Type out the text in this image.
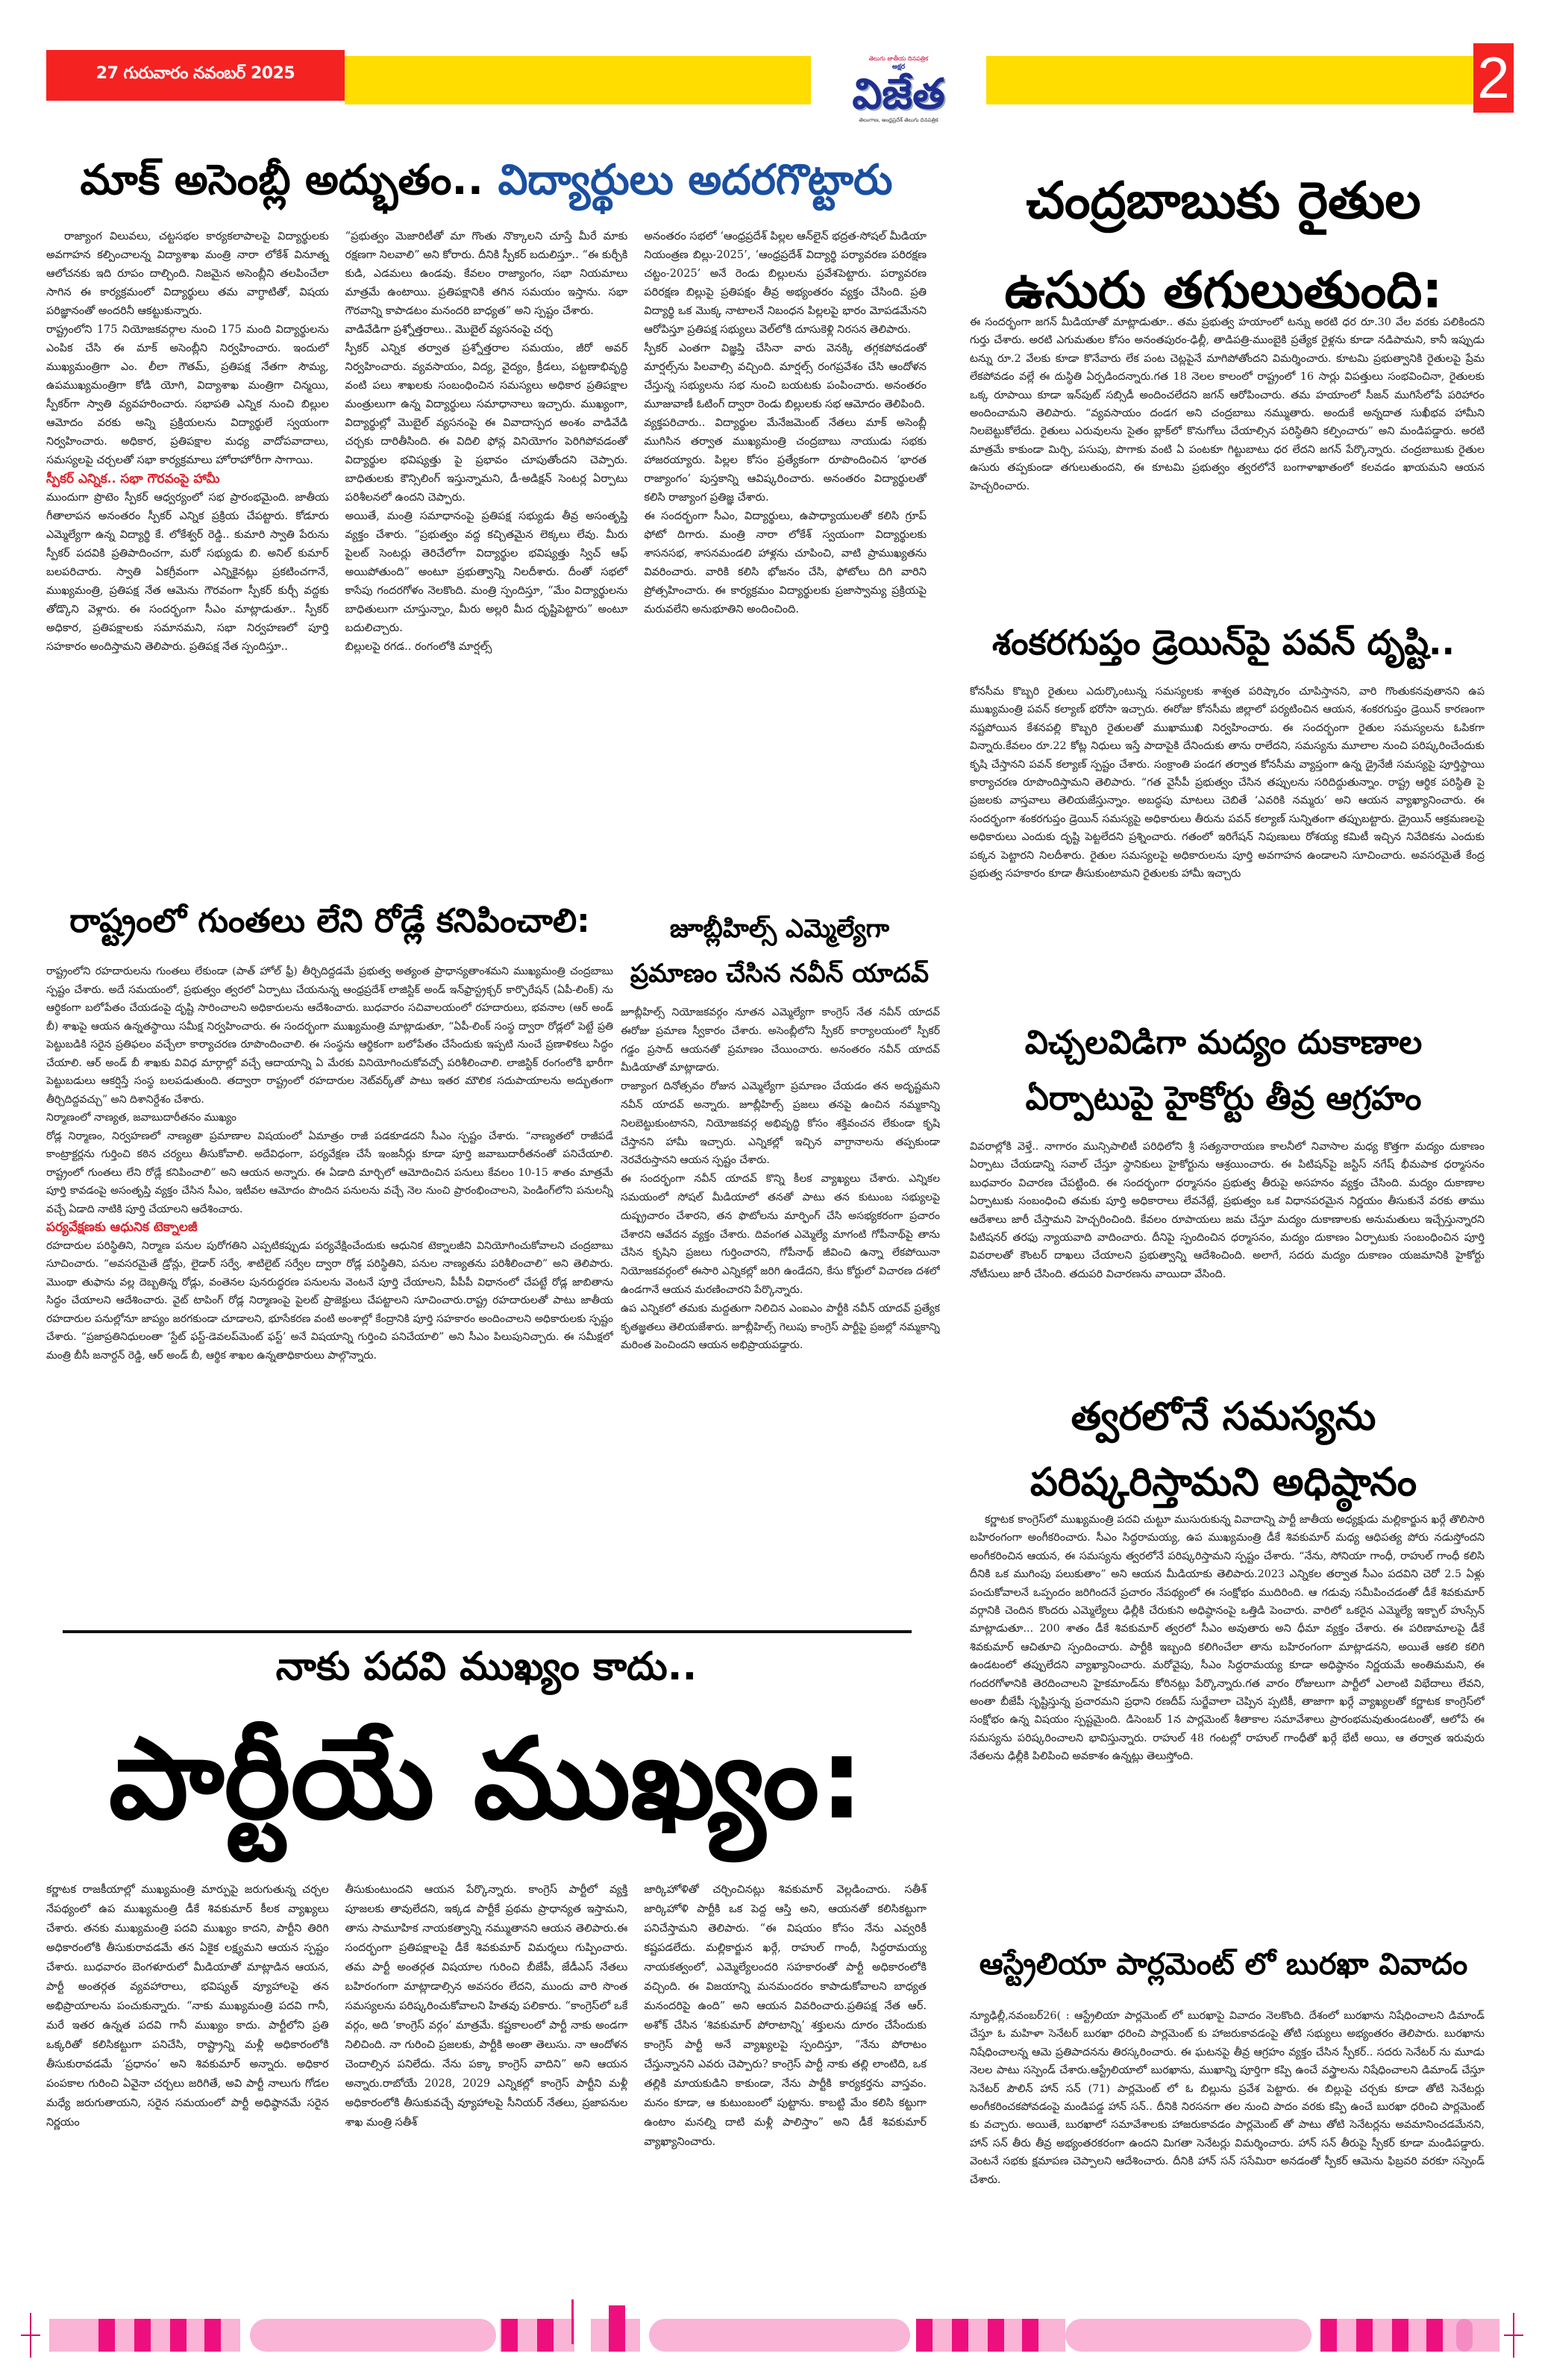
27 గురువారం నవంబర్ 2025
తెలుగు జాతీయ దినపత్రిక
అక్షర
విజేత
తెలంగాణ, ఆంధ్రప్రదేశ్ తెలుగు దినపత్రిక
2
మాక్ అసెంబ్లీ అద్భుతం.. విద్యార్థులు అదరగొట్టారు

రాజ్యాంగ విలువలు, చట్టసభల కార్యకలాపాలపై విద్యార్థులకు అవగాహన కల్పించాలన్న విద్యాశాఖ మంత్రి నారా లోకేశ్ వినూత్న ఆలోచనకు ఇది రూపం దాల్చింది. నిజమైన అసెంబ్లీని తలపించేలా సాగిన ఈ కార్యక్రమంలో విద్యార్థులు తమ వాగ్ధాటితో, విషయ పరిజ్ఞానంతో అందరినీ ఆకట్టుకున్నారు.

రాష్ట్రంలోని 175 నియోజకవర్గాల నుంచి 175 మంది విద్యార్థులను ఎంపిక చేసి ఈ మాక్ అసెంబ్లీని నిర్వహించారు. ఇందులో ముఖ్యమంత్రిగా ఎం. లీలా గౌతమ్, ప్రతిపక్ష నేతగా సౌమ్య, ఉపముఖ్యమంత్రిగా కోడి యోగి, విద్యాశాఖ మంత్రిగా చిన్మయి, స్పీకర్‌గా స్వాతి వ్యవహరించారు. సభాపతి ఎన్నిక నుంచి బిల్లుల ఆమోదం వరకు అన్ని ప్రక్రియలను విద్యార్థులే స్వయంగా నిర్వహించారు. అధికార, ప్రతిపక్షాల మధ్య వాదోపవాదాలు, సమస్యలపై చర్చలతో సభా కార్యక్రమాలు హోరాహోరీగా సాగాయి.

స్పీకర్ ఎన్నిక.. సభా గౌరవంపై హామీ

ముందుగా ప్రొటెం స్పీకర్ ఆధ్వర్యంలో సభ ప్రారంభమైంది. జాతీయ గీతాలాపన అనంతరం స్పీకర్ ఎన్నిక ప్రక్రియ చేపట్టారు. కోడూరు ఎమ్మెల్యేగా ఉన్న విద్యార్థి కే. లోకేశ్వర్ రెడ్డి.. కుమారి స్వాతి పేరును స్పీకర్ పదవికి ప్రతిపాదించగా, మరో సభ్యుడు బి. అనిల్ కుమార్ బలపరిచారు. స్వాతి ఏకగ్రీవంగా ఎన్నికైనట్లు ప్రకటించగానే, ముఖ్యమంత్రి, ప్రతిపక్ష నేత ఆమెను గౌరవంగా స్పీకర్ కుర్చీ వద్దకు తోడ్కొని వెళ్లారు. ఈ సందర్భంగా సీఎం మాట్లాడుతూ.. స్పీకర్ అధికార, ప్రతిపక్షాలకు సమానమని, సభా నిర్వహణలో పూర్తి సహకారం అందిస్తామని తెలిపారు. ప్రతిపక్ష నేత స్పందిస్తూ..

“ప్రభుత్వం మెజారిటీతో మా గొంతు నొక్కాలని చూస్తే మీరే మాకు రక్షణగా నిలవాలి” అని కోరారు. దీనికి స్పీకర్ బదులిస్తూ.. “ఈ కుర్చీకి కుడి, ఎడమలు ఉండవు. కేవలం రాజ్యాంగం, సభా నియమాలు మాత్రమే ఉంటాయి. ప్రతిపక్షానికి తగిన సమయం ఇస్తాను. సభా గౌరవాన్ని కాపాడటం మనందరి బాధ్యత” అని స్పష్టం చేశారు.

వాడివేడిగా ప్రశ్నోత్తరాలు.. మొబైల్ వ్యసనంపై చర్చ

స్పీకర్ ఎన్నిక తర్వాత ప్రశ్నోత్తరాల సమయం, జీరో అవర్ నిర్వహించారు. వ్యవసాయం, విద్య, వైద్యం, క్రీడలు, పట్టణాభివృద్ధి వంటి పలు శాఖలకు సంబంధించిన సమస్యలు అధికార ప్రతిపక్షాల మంత్రులుగా ఉన్న విద్యార్థులు సమాధానాలు ఇచ్చారు. ముఖ్యంగా, విద్యార్థుల్లో మొబైల్ వ్యసనంపై ఈ వివాదాస్పద అంశం వాడివేడి చర్చకు దారితీసింది. ఈ విదిలి ఫోన్ల వినియోగం పెరిగిపోవడంతో విద్యార్థుల భవిష్యత్తు పై ప్రభావం చూపుతోందని చెప్పారు. బాధితులకు కౌన్సిలింగ్ ఇస్తున్నామని, డీ-అడిక్షన్ సెంటర్ల ఏర్పాటు పరిశీలనలో ఉందని చెప్పారు.

అయితే, మంత్రి సమాధానంపై ప్రతిపక్ష సభ్యుడు తీవ్ర అసంతృప్తి వ్యక్తం చేశారు. “ప్రభుత్వం వద్ద కచ్చితమైన లెక్కలు లేవు. మీరు పైలట్ సెంటర్లు తెరిచేలోగా విద్యార్థుల భవిష్యత్తు స్విచ్ ఆఫ్ అయిపోతుంది” అంటూ ప్రభుత్వాన్ని నిలదీశారు. దీంతో సభలో కాసేపు గందరగోళం నెలకొంది. మంత్రి స్పందిస్తూ, “మేం విద్యార్థులను బాధితులుగా చూస్తున్నాం, మీరు అల్లరి మీద దృష్టిపెట్టారు” అంటూ బదులిచ్చారు.

బిల్లులపై రగడ.. రంగంలోకి మార్షల్స్

అనంతరం సభలో ‘ఆంధ్రప్రదేశ్ పిల్లల ఆన్‌లైన్ భద్రత-సోషల్ మీడియా నియంత్రణ బిల్లు-2025’, ‘ఆంధ్రప్రదేశ్ విద్యార్థి పర్యావరణ పరిరక్షణ చట్టం-2025’ అనే రెండు బిల్లులను ప్రవేశపెట్టారు. పర్యావరణ పరిరక్షణ బిల్లుపై ప్రతిపక్షం తీవ్ర అభ్యంతరం వ్యక్తం చేసింది. ప్రతి విద్యార్థి ఒక మొక్క నాటాలనే నిబంధన పిల్లలపై భారం మోపడమేనని ఆరోపిస్తూ ప్రతిపక్ష సభ్యులు వెల్‌లోకి దూసుకెళ్లి నిరసన తెలిపారు.

స్పీకర్ ఎంతగా విజ్ఞప్తి చేసినా వారు వెనక్కి తగ్గకపోవడంతో మార్షల్స్‌ను పిలవాల్సి వచ్చింది. మార్షల్స్ రంగప్రవేశం చేసి ఆందోళన చేస్తున్న సభ్యులను సభ నుంచి బయటకు పంపించారు. అనంతరం మూజువాణీ ఓటింగ్ ద్వారా రెండు బిల్లులకు సభ ఆమోదం తెలిపింది.

వ్యక్తపరిచారు.. విద్యార్థుల మేనేజమెంట్ నేతలు మాక్ అసెంబ్లీ ముగిసిన తర్వాత ముఖ్యమంత్రి చంద్రబాబు నాయుడు సభకు హాజరయ్యారు. పిల్లల కోసం ప్రత్యేకంగా రూపొందించిన ‘భారత రాజ్యాంగం’ పుస్తకాన్ని ఆవిష్కరించారు. అనంతరం విద్యార్థులతో కలిసి రాజ్యాంగ ప్రతిజ్ఞ చేశారు.

ఈ సందర్భంగా సీఎం, విద్యార్థులు, ఉపాధ్యాయులతో కలిసి గ్రూప్ ఫోటో దిగారు. మంత్రి నారా లోకేశ్ స్వయంగా విద్యార్థులకు శాసనసభ, శాసనమండలి హాళ్లను చూపించి, వాటి ప్రాముఖ్యతను వివరించారు. వారికి కలిసి భోజనం చేసి, ఫోటోలు దిగి వారిని ప్రోత్సహించారు. ఈ కార్యక్రమం విద్యార్థులకు ప్రజాస్వామ్య ప్రక్రియపై మరువలేని అనుభూతిని అందించింది.

రాష్ట్రంలో గుంతలు లేని రోడ్లే కనిపించాలి:

రాష్ట్రంలోని రహదారులను గుంతలు లేకుండా (పాత్ హోల్ ఫ్రీ) తీర్చిదిద్దడమే ప్రభుత్వ అత్యంత ప్రాధాన్యతాంశమని ముఖ్యమంత్రి చంద్రబాబు స్పష్టం చేశారు. అదే సమయంలో, ప్రభుత్వం త్వరలో ఏర్పాటు చేయనున్న ఆంధ్రప్రదేశ్ లాజిస్టిక్ అండ్ ఇన్‌ఫ్రాస్ట్రక్చర్ కార్పొరేషన్ (ఏపీ-లింక్) ను ఆర్థికంగా బలోపేతం చేయడంపై దృష్టి సారించాలని అధికారులను ఆదేశించారు. బుధవారం సచివాలయంలో రహదారులు, భవనాల (ఆర్ అండ్ బీ) శాఖపై ఆయన ఉన్నతస్థాయి సమీక్ష నిర్వహించారు. ఈ సందర్భంగా ముఖ్యమంత్రి మాట్లాడుతూ, “ఏపీ-లింక్ సంస్థ ద్వారా రోడ్లలో పెట్టే ప్రతి పెట్టుబడికి సరైన ప్రతిఫలం వచ్చేలా కార్యాచరణ రూపొందించాలి. ఈ సంస్థను ఆర్థికంగా బలోపేతం చేసేందుకు ఇప్పటి నుంచే ప్రణాళికలు సిద్ధం చేయాలి. ఆర్ అండ్ బీ శాఖకు వివిధ మార్గాల్లో వచ్చే ఆదాయాన్ని ఏ మేరకు వినియోగించుకోవచ్చో పరిశీలించాలి. లాజిస్టిక్ రంగంలోకి భారీగా పెట్టుబడులు ఆకర్షిస్తే సంస్థ బలపడుతుంది. తద్వారా రాష్ట్రంలో రహదారుల నెట్‌వర్క్‌తో పాటు ఇతర మౌలిక సదుపాయాలను అద్భుతంగా తీర్చిదిద్దవచ్చు” అని దిశానిర్దేశం చేశారు.

నిర్మాణంలో నాణ్యత, జవాబుదారీతనం ముఖ్యం

రోడ్ల నిర్మాణం, నిర్వహణలో నాణ్యతా ప్రమాణాల విషయంలో ఏమాత్రం రాజీ పడకూడదని సీఎం స్పష్టం చేశారు. “నాణ్యతలో రాజీపడే కాంట్రాక్టర్లను గుర్తించి కఠిన చర్యలు తీసుకోవాలి. అదేవిధంగా, పర్యవేక్షణ చేసే ఇంజనీర్లు కూడా పూర్తి జవాబుదారీతనంతో పనిచేయాలి. రాష్ట్రంలో గుంతలు లేని రోడ్లే కనిపించాలి” అని ఆయన అన్నారు. ఈ ఏడాది మార్చిలో ఆమోదించిన పనులు కేవలం 10-15 శాతం మాత్రమే పూర్తి కావడంపై అసంతృప్తి వ్యక్తం చేసిన సీఎం, ఇటీవల ఆమోదం పొందిన పనులను వచ్చే నెల నుంచి ప్రారంభించాలని, పెండింగ్‌లోని పనులన్నీ వచ్చే ఏడాది నాటికి పూర్తి చేయాలని ఆదేశించారు.

పర్యవేక్షణకు ఆధునిక టెక్నాలజీ

రహదారుల పరిస్థితిని, నిర్మాణ పనుల పురోగతిని ఎప్పటికప్పుడు పర్యవేక్షించేందుకు ఆధునిక టెక్నాలజీని వినియోగించుకోవాలని చంద్రబాబు సూచించారు. “అవసరమైతే డ్రోన్లు, లైడార్ సర్వే, శాటిలైట్ సర్వేల ద్వారా రోడ్ల పరిస్థితిని, పనుల నాణ్యతను పరిశీలించాలి” అని తెలిపారు. మొంథా తుఫాను వల్ల దెబ్బతిన్న రోడ్లు, వంతెనల పునరుద్ధరణ పనులను వెంటనే పూర్తి చేయాలని, పీపీపీ విధానంలో చేపట్టే రోడ్ల జాబితాను సిద్ధం చేయాలని ఆదేశించారు. వైట్ టాపింగ్ రోడ్ల నిర్మాణంపై పైలట్ ప్రాజెక్టులు చేపట్టాలని సూచించారు.రాష్ట్ర రహదారులతో పాటు జాతీయ రహదారుల పనుల్లోనూ జాప్యం జరగకుండా చూడాలని, భూసేకరణ వంటి అంశాల్లో కేంద్రానికి పూర్తి సహకారం అందించాలని అధికారులకు స్పష్టం చేశారు. “ప్రజాప్రతినిధులంతా ‘స్టేట్ ఫస్ట్-డెవలప్‌మెంట్ ఫస్ట్’ అనే విషయాన్ని గుర్తించి పనిచేయాలి” అని సీఎం పిలుపునిచ్చారు. ఈ సమీక్షలో మంత్రి బీసీ జనార్దన్ రెడ్డి, ఆర్ అండ్ బీ, ఆర్థిక శాఖల ఉన్నతాధికారులు పాల్గొన్నారు.

జూబ్లీహిల్స్ ఎమ్మెల్యేగా
ప్రమాణం చేసిన నవీన్ యాదవ్

జూబ్లీహిల్స్ నియోజకవర్గం నూతన ఎమ్మెల్యేగా కాంగ్రెస్ నేత నవీన్ యాదవ్ ఈరోజు ప్రమాణ స్వీకారం చేశారు. అసెంబ్లీలోని స్పీకర్ కార్యాలయంలో స్పీకర్ గడ్డం ప్రసాద్ ఆయనతో ప్రమాణం చేయించారు. అనంతరం నవీన్ యాదవ్ మీడియాతో మాట్లాడారు.

రాజ్యాంగ దినోత్సవం రోజున ఎమ్మెల్యేగా ప్రమాణం చేయడం తన అదృష్టమని నవీన్ యాదవ్ అన్నారు. జూబ్లీహిల్స్ ప్రజలు తనపై ఉంచిన నమ్మకాన్ని నిలబెట్టుకుంటానని, నియోజకవర్గ అభివృద్ధి కోసం శక్తివంచన లేకుండా కృషి చేస్తానని హామీ ఇచ్చారు. ఎన్నికల్లో ఇచ్చిన వాగ్దానాలను తప్పకుండా నెరవేరుస్తానని ఆయన స్పష్టం చేశారు.

ఈ సందర్భంగా నవీన్ యాదవ్ కొన్ని కీలక వ్యాఖ్యలు చేశారు. ఎన్నికల సమయంలో సోషల్ మీడియాలో తనతో పాటు తన కుటుంబ సభ్యులపై దుష్ప్రచారం చేశారని, తన ఫొటోలను మార్ఫింగ్ చేసి అసభ్యకరంగా ప్రచారం చేశారని ఆవేదన వ్యక్తం చేశారు. దివంగత ఎమ్మెల్యే మాగంటి గోపీనాథ్‌పై తాను చేసిన కృషిని ప్రజలు గుర్తించారని, గోపీనాథ్ జీవించి ఉన్నా లేకపోయినా నియోజకవర్గంలో ఈసారి ఎన్నికల్లో జరిగి ఉండేదని, కేసు కోర్టులో విచారణ దశలో ఉండగానే ఆయన మరణించారని పేర్కొన్నారు.

ఉప ఎన్నికలో తమకు మద్దతుగా నిలిచిన ఎంఐఎం పార్టీకి నవీన్ యాదవ్ ప్రత్యేక కృతజ్ఞతలు తెలియజేశారు. జూబ్లీహిల్స్ గెలుపు కాంగ్రెస్ పార్టీపై ప్రజల్లో నమ్మకాన్ని మరింత పెంచిందని ఆయన అభిప్రాయపడ్డారు.

నాకు పదవి ముఖ్యం కాదు..
పార్టీయే ముఖ్యం:

కర్ణాటక రాజకీయాల్లో ముఖ్యమంత్రి మార్పుపై జరుగుతున్న చర్చల నేపథ్యంలో ఉప ముఖ్యమంత్రి డీకే శివకుమార్ కీలక వ్యాఖ్యలు చేశారు. తనకు ముఖ్యమంత్రి పదవి ముఖ్యం కాదని, పార్టీని తిరిగి అధికారంలోకి తీసుకురావడమే తన ఏకైక లక్ష్యమని ఆయన స్పష్టం చేశారు. బుధవారం బెంగళూరులో మీడియాతో మాట్లాడిన ఆయన, పార్టీ అంతర్గత వ్యవహారాలు, భవిష్యత్ వ్యూహాలపై తన అభిప్రాయాలను పంచుకున్నారు. “నాకు ముఖ్యమంత్రి పదవి గానీ, మరే ఇతర ఉన్నత పదవి గానీ ముఖ్యం కాదు. పార్టీలోని ప్రతి ఒక్కరితో కలిసికట్టుగా పనిచేసి, రాష్ట్రాన్ని మళ్లీ అధికారంలోకి తీసుకురావడమే ‘ప్రధానం’ అని శివకుమార్ అన్నారు. అధికార పంపకాల గురించి ఏవైనా చర్చలు జరిగితే, అవి పార్టీ నాలుగు గోడల మధ్యే జరుగుతాయని, సరైన సమయంలో పార్టీ అధిష్ఠానమే సరైన నిర్ణయం

తీసుకుంటుందని ఆయన పేర్కొన్నారు. కాంగ్రెస్ పార్టీలో వ్యక్తి పూజలకు తావులేదని, ఇక్కడ పార్టీకే ప్రథమ ప్రాధాన్యత ఇస్తామని, తాను సామూహిక నాయకత్వాన్ని నమ్ముతానని ఆయన తెలిపారు.ఈ సందర్భంగా ప్రతిపక్షాలపై డీకే శివకుమార్ విమర్శలు గుప్పించారు. తమ పార్టీ అంతర్గత విషయాల గురించి బీజేపీ, జేడీఎస్ నేతలు బహిరంగంగా మాట్లాడాల్సిన అవసరం లేదని, ముందు వారి సొంత సమస్యలను పరిష్కరించుకోవాలని హితవు పలికారు. “కాంగ్రెస్‌లో ఒకే వర్గం, అది ‘కాంగ్రెస్ వర్గం’ మాత్రమే. కష్టకాలంలో పార్టీ నాకు అండగా నిలిచింది. నా గురించి ప్రజలకు, పార్టీకి అంతా తెలుసు. నా ఆందోళన చెందాల్సిన పనిలేదు. నేను పక్కా కాంగ్రెస్ వాదిని” అని ఆయన అన్నారు.రాబోయే 2028, 2029 ఎన్నికల్లో కాంగ్రెస్ పార్టీని మళ్లీ అధికారంలోకి తీసుకువచ్చే వ్యూహాలపై సీనియర్ నేతలు, ప్రజాపనుల శాఖ మంత్రి సతీశ్

జార్కిహోళితో చర్చించినట్లు శివకుమార్ వెల్లడించారు. సతీశ్ జార్కిహోళి పార్టీకి ఒక పెద్ద ఆస్తి అని, ఆయనతో కలిసికట్టుగా పనిచేస్తామని తెలిపారు. “ఈ విషయం కోసం నేను ఎవ్వరికీ కష్టపడలేదు. మల్లికార్జున ఖర్గే, రాహుల్ గాంధీ, సిద్ధరామయ్య నాయకత్వంలో, ఎమ్మెల్యేలందరి సహకారంతో పార్టీ అధికారంలోకి వచ్చింది. ఈ విజయాన్ని మనమందరం కాపాడుకోవాలని బాధ్యత మనందరిపై ఉంది” అని ఆయన వివరించారు.ప్రతిపక్ష నేత ఆర్. అశోక్ చేసిన ‘శివకుమార్ పోరాటాన్ని’ శక్తులను దూరం చేసేందుకు కాంగ్రెస్ పార్టీ అనే వ్యాఖ్యలపై స్పందిస్తూ, “నేను పోరాటం చేస్తున్నానని ఎవరు చెప్పారు? కాంగ్రెస్ పార్టీ నాకు తల్లి లాంటిది, ఒక తల్లికి మాయకుడిని కాకుండా, నేను పార్టీకి కార్యకర్తను వాస్తవం. మనం కూడా, ఆ కుటుంబంలో పుట్టాను. కాబట్టి మేం కలిసి కట్టుగా ఉంటాం మనల్ని దాటి మళ్లీ పాలిస్తాం” అని డీకే శివకుమార్ వ్యాఖ్యానించారు.

చంద్రబాబుకు రైతుల
ఉసురు తగులుతుంది:

ఈ సందర్భంగా జగన్ మీడియాతో మాట్లాడుతూ.. తమ ప్రభుత్వ హయాంలో టన్ను అరటి ధర రూ.30 వేల వరకు పలికిందని గుర్తు చేశారు. అరటి ఎగుమతుల కోసం అనంతపురం-ఢిల్లీ, తాడిపత్రి-ముంబైకి ప్రత్యేక రైళ్లను కూడా నడిపామని, కానీ ఇప్పుడు టన్ను రూ.2 వేలకు కూడా కొనేవారు లేక పంట చెట్లపైనే మాగిపోతోందని విమర్శించారు. కూటమి ప్రభుత్వానికి రైతులపై ప్రేమ లేకపోవడం వల్లే ఈ దుస్థితి ఏర్పడిందన్నారు.గత 18 నెలల కాలంలో రాష్ట్రంలో 16 సార్లు విపత్తులు సంభవించినా, రైతులకు ఒక్క రూపాయి కూడా ఇన్‌పుట్ సబ్సిడీ అందించలేదని జగన్ ఆరోపించారు. తమ హయాంలో సీజన్ ముగిసేలోపే పరిహారం అందించామని తెలిపారు. “వ్యవసాయం దండగ అని చంద్రబాబు నమ్ముతారు. అందుకే అన్నదాత సుఖీభవ హామీని నిలబెట్టుకోలేదు. రైతులు ఎరువులను సైతం బ్లాక్‌లో కొనుగోలు చేయాల్సిన పరిస్థితిని కల్పించారు” అని మండిపడ్డారు. అరటి మాత్రమే కాకుండా మిర్చి, పసుపు, పొగాకు వంటి ఏ పంటకూ గిట్టుబాటు ధర లేదని జగన్ పేర్కొన్నారు. చంద్రబాబుకు రైతుల ఉసురు తప్పకుండా తగులుతుందని, ఈ కూటమి ప్రభుత్వం త్వరలోనే బంగాళాఖాతంలో కలవడం ఖాయమని ఆయన హెచ్చరించారు.

శంకరగుప్తం డ్రెయిన్‌పై పవన్ దృష్టి..

కోనసీమ కొబ్బరి రైతులు ఎదుర్కొంటున్న సమస్యలకు శాశ్వత పరిష్కారం చూపిస్తానని, వారి గొంతుకనవుతానని ఉప ముఖ్యమంత్రి పవన్ కల్యాణ్ భరోసా ఇచ్చారు. ఈరోజు కోనసీమ జిల్లాలో పర్యటించిన ఆయన, శంకరగుప్తం డ్రెయిన్ కారణంగా నష్టపోయిన కేశనపల్లి కొబ్బరి రైతులతో ముఖాముఖి నిర్వహించారు. ఈ సందర్భంగా రైతుల సమస్యలను ఓపికగా విన్నారు.కేవలం రూ.22 కోట్ల నిధులు ఇస్తే పాదాపైకి దేనిందుకు తాను రాలేదని, సమస్యను మూలాల నుంచి పరిష్కరించేందుకు కృషి చేస్తానని పవన్ కల్యాణ్ స్పష్టం చేశారు. సంక్రాంతి పండగ తర్వాత కోనసీమ వ్యాప్తంగా ఉన్న డ్రైనేజీ సమస్యపై పూర్తిస్థాయి కార్యాచరణ రూపొందిస్తామని తెలిపారు. “గత వైసీపీ ప్రభుత్వం చేసిన తప్పులను సరిదిద్దుతున్నాం. రాష్ట్ర ఆర్థిక పరిస్థితి పై ప్రజలకు వాస్తవాలు తెలియజేస్తున్నాం. అబద్ధపు మాటలు చెబితే ‘ఎవరికి నమ్మరు’ అని ఆయన వ్యాఖ్యానించారు. ఈ సందర్భంగా శంకరగుప్తం డ్రెయిన్ సమస్యపై అధికారులు తీరును పవన్ కల్యాణ్ సున్నితంగా తప్పుబట్టారు. డ్రైయిన్ ఆక్రమణలపై అధికారులు ఎందుకు దృష్టి పెట్టలేదని ప్రశ్నించారు. గతంలో ఇరిగేషన్ నిపుణులు రోశయ్య కమిటీ ఇచ్చిన నివేదికను ఎందుకు పక్కన పెట్టారని నిలదీశారు. రైతుల సమస్యలపై అధికారులను పూర్తి అవగాహన ఉండాలని సూచించారు. అవసరమైతే కేంద్ర ప్రభుత్వ సహకారం కూడా తీసుకుంటామని రైతులకు హామీ ఇచ్చారు

విచ్చలవిడిగా మద్యం దుకాణాల
ఏర్పాటుపై హైకోర్టు తీవ్ర ఆగ్రహం

వివరాల్లోకి వెళ్తే.. నాగారం మున్సిపాలిటీ పరిధిలోని శ్రీ సత్యనారాయణ కాలనీలో నివాసాల మధ్య కొత్తగా మద్యం దుకాణం ఏర్పాటు చేయడాన్ని సవాల్ చేస్తూ స్థానికులు హైకోర్టును ఆశ్రయించారు. ఈ పిటిషన్‌పై జస్టిస్ నగేష్ భీమపాక ధర్మాసనం బుధవారం విచారణ చేపట్టింది. ఈ సందర్భంగా ధర్మాసనం ప్రభుత్వ తీరుపై అసహనం వ్యక్తం చేసింది. మద్యం దుకాణాల ఏర్పాటుకు సంబంధించి తమకు పూర్తి అధికారాలు లేవనేట్లే, ప్రభుత్వం ఒక విధానపరమైన నిర్ణయం తీసుకునే వరకు తాము ఆదేశాలు జారీ చేస్తామని హెచ్చరించింది. కేవలం రూపాయలు జమ చేస్తూ మద్యం దుకాణాలకు అనుమతులు ఇచ్చేస్తున్నారని పిటిషనర్ తరఫు న్యాయవాది వాదించారు. దీనిపై స్పందించిన ధర్మాసనం, మద్యం దుకాణం ఏర్పాటుకు సంబంధించిన పూర్తి వివరాలతో కౌంటర్ దాఖలు చేయాలని ప్రభుత్వాన్ని ఆదేశించింది. అలాగే, సదరు మద్యం దుకాణం యజమానికి హైకోర్టు నోటీసులు జారీ చేసింది. తదుపరి విచారణను వాయిదా వేసింది.

త్వరలోనే సమస్యను
పరిష్కరిస్తామని అధిష్ఠానం

కర్ణాటక కాంగ్రెస్‌లో ముఖ్యమంత్రి పదవి చుట్టూ ముసురుకున్న వివాదాన్ని పార్టీ జాతీయ అధ్యక్షుడు మల్లికార్జున ఖర్గే తొలిసారి బహిరంగంగా అంగీకరించారు. సీఎం సిద్ధరామయ్య, ఉప ముఖ్యమంత్రి డీకే శివకుమార్ మధ్య ఆధిపత్య పోరు నడుస్తోందని అంగీకరించిన ఆయన, ఈ సమస్యను త్వరలోనే పరిష్కరిస్తామని స్పష్టం చేశారు. “నేను, సోనియా గాంధీ, రాహుల్ గాంధీ కలిసి దీనికి ఒక ముగింపు పలుకుతాం” అని ఆయన మీడియాకు తెలిపారు.2023 ఎన్నికల తర్వాత సీఎం పదవిని చెరో 2.5 ఏళ్లు పంచుకోవాలనే ఒప్పందం జరిగిందనే ప్రచారం నేపథ్యంలో ఈ సంక్షోభం ముదిరింది. ఆ గడువు సమీపించడంతో డీకే శివకుమార్ వర్గానికి చెందిన కొందరు ఎమ్మెల్యేలు ఢిల్లీకి చేరుకుని అధిష్ఠానంపై ఒత్తిడి పెంచారు. వారిలో ఒకరైన ఎమ్మెల్యే ఇక్బాల్ హుస్సేన్ మాట్లాడుతూ... 200 శాతం డీకే శివకుమార్ త్వరలో సీఎం అవుతారు అని ధీమా వ్యక్తం చేశారు. ఈ పరిణామాలపై డీకే శివకుమార్ ఆచితూచి స్పందించారు. పార్టీకి ఇబ్బంది కలిగించేలా తాను బహిరంగంగా మాట్లాడనని, అయితే ఆకలి కలిగి ఉండటంలో తప్పులేదని వ్యాఖ్యానించారు. మరోవైపు, సీఎం సిద్ధరామయ్య కూడా అధిష్ఠానం నిర్ణయమే అంతిమమని, ఈ గందరగోళానికి తెరదించాలని హైకమాండ్‌ను కోరినట్లు పేర్కొన్నారు.గత వారం రోజులుగా పార్టీలో ఎలాంటి విభేదాలు లేవని, అంతా బీజేపీ సృష్టిస్తున్న ప్రచారమని ప్రధాని రణదీప్ సుర్జేవాలా చెప్పిన ప్పటికీ, తాజాగా ఖర్గే వ్యాఖ్యలతో కర్ణాటక కాంగ్రెస్‌లో సంక్షోభం ఉన్న విషయం స్పష్టమైంది. డిసెంబర్ 1న పార్లమెంట్ శీతాకాల సమావేశాలు ప్రారంభమవుతుండటంతో, ఆలోపే ఈ సమస్యను పరిష్కరించాలని భావిస్తున్నారు. రాహుల్ 48 గంటల్లో రాహుల్ గాంధీతో ఖర్గే భేటీ అయి, ఆ తర్వాత ఇరువురు నేతలను ఢిల్లీకి పిలిపించి అవకాశం ఉన్నట్లు తెలుస్తోంది.

ఆస్ట్రేలియా పార్లమెంట్ లో బురఖా వివాదం

న్యూఢిల్లీ,నవంబర్26( : ఆస్ట్రేలియా పార్లమెంట్ లో బురఖాపై వివాదం నెలకొంది. దేశంలో బురఖాను నిషేధించాలని డిమాండ్ చేస్తూ ఓ మహిళా సెనేటర్ బురఖా ధరించి పార్లమెంట్ కు హాజరుకావడంపై తోటి సభ్యులు అభ్యంతరం తెలిపారు. బురఖాను నిషేధించాలన్న ఆమె ప్రతిపాదనను తిరస్కరించారు. ఈ ఘటనపై తీవ్ర ఆగ్రహం వ్యక్తం చేసిన స్పీకర్.. సదరు సెనేటర్ ను మూడు నెలల పాటు సస్పెండ్ చేశారు.ఆస్ట్రేలియాలో బురఖాను, ముఖాన్ని పూర్తిగా కప్పి ఉంచే వస్త్రాలను నిషేధించాలని డిమాండ్ చేస్తూ సెనేటర్ పౌలిన్ హాన్ సన్ (71) పార్లమెంట్ లో ఓ బిల్లును ప్రవేశ పెట్టారు. ఈ బిల్లుపై చర్చకు కూడా తోటి సెనేటర్లు అంగీకరించకపోవడంపై మండిపడ్డ హాన్ సన్.. దీనికి నిరసనగా తల నుంచి పాదం వరకు కప్పి ఉంచే బురఖా ధరించి పార్లమెంట్ కు వచ్చారు. అయితే, బురఖాలో సమావేశాలకు హాజరుకావడం పార్లమెంట్ తో పాటు తోటి సెనేటర్లను అవమానించడమేనని, హాన్ సన్ తీరు తీవ్ర అభ్యంతరకరంగా ఉందని మిగతా సెనేటర్లు విమర్శించారు. హాన్ సన్ తీరుపై స్పీకర్ కూడా మండిపడ్డారు. వెంటనే సభకు క్షమాపణ చెప్పాలని ఆదేశించారు. దీనికి హాన్ సన్ ససేమిరా అనడంతో స్పీకర్ ఆమెను ఫిబ్రవరి వరకూ సస్పెండ్ చేశారు.
